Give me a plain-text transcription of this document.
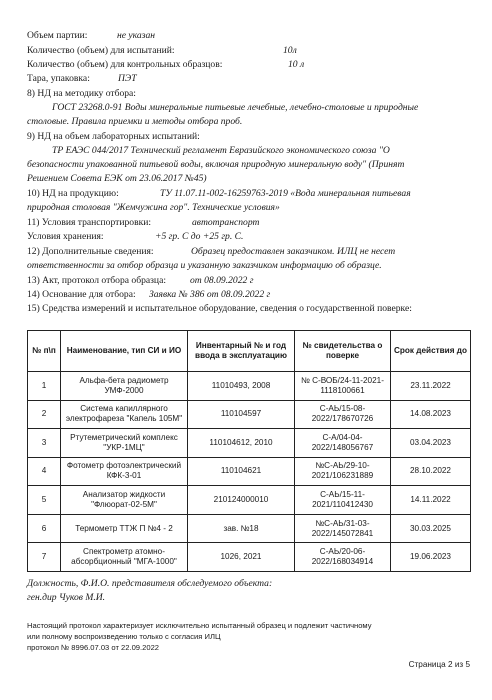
Объем партии:	не указан
Количество (объем) для испытаний:	10л
Количество (объем) для контрольных образцов:	10 л
Тара, упаковка:	ПЭТ
8) НД на методику отбора:
ГОСТ 23268.0-91 Воды минеральные питьевые лечебные, лечебно-столовые и природные
столовые. Правила приемки и методы отбора проб.
9) НД на объем лабораторных испытаний:
ТР ЕАЭС 044/2017 Технический регламент Евразийского экономического союза "О
безопасности упакованной питьевой воды, включая природную минеральную воду" (Принят
Решением Совета ЕЭК от 23.06.2017 №45)
10) НД на продукцию:	ТУ 11.07.11-002-16259763-2019 «Вода минеральная питьевая
природная столовая "Жемчужина гор". Технические условия»
11) Условия транспортировки:	автотранспорт
Условия хранения:	+5 гр. С до +25 гр. С.
12) Дополнительные сведения:	Образец предоставлен заказчиком. ИЛЦ не несет
ответственности за отбор образца и указанную заказчиком информацию об образце.
13) Акт, протокол отбора образца:	от 08.09.2022 г
14) Основание для отбора: Заявка № 386 от 08.09.2022 г
15) Средства измерений и испытательное оборудование, сведения о государственной поверке:
№ п\п	Наименование, тип СИ и ИО	Инвентарный № и год ввода в эксплуатацию	№ свидетельства о поверке	Срок действия до
1	Альфа-бета радиометр УМФ-2000	11010493, 2008	№ С-ВОБ/24-11-2021-1118100661	23.11.2022
2	Система капиллярного электрофареза "Капель 105М"	110104597	С-АЬ/15-08-2022/178670726	14.08.2023
3	Ртутеметрический комплекс "УКР-1МЦ"	110104612, 2010	С-А/04-04-2022/148056767	03.04.2023
4	Фотометр фотоэлектрический КФК-3-01	110104621	№С-АЬ/29-10-2021/106231889	28.10.2022
5	Анализатор жидкости "Флюорат-02-5М"	210124000010	С-АЬ/15-11-2021/110412430	14.11.2022
6	Термометр ТТЖ П №4 - 2	зав. №18	№С-АЬ/31-03-2022/145072841	30.03.2025
7	Спектрометр атомно-абсорбционный "МГА-1000"	1026, 2021	С-АЬ/20-06-2022/168034914	19.06.2023
Должность, Ф.И.О. представителя обследуемого объекта:
ген.дир Чуков М.И.
Настоящий протокол характеризует исключительно испытанный образец и подлежит частичному
или полному воспроизведению только с согласия ИЛЦ
протокол № 8996.07.03 от 22.09.2022
Страница 2 из 5
